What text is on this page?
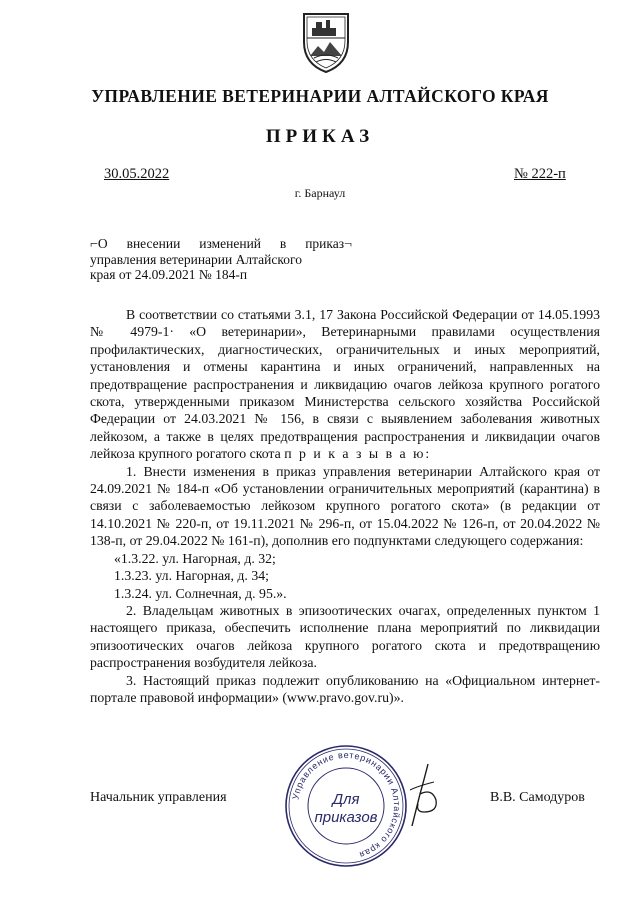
УПРАВЛЕНИЕ ВЕТЕРИНАРИИ АЛТАЙСКОГО КРАЯ
ПРИКАЗ
30.05.2022	№ 222-п
г. Барнаул
⌐О внесении изменений в приказ¬
управления ветеринарии Алтайского
края от 24.09.2021 № 184-п

В соответствии со статьями 3.1, 17 Закона Российской Федерации от 14.05.1993 № 4979-1· «О ветеринарии», Ветеринарными правилами осуществления профилактических, диагностических, ограничительных и иных мероприятий, установления и отмены карантина и иных ограничений, направленных на предотвращение распространения и ликвидацию очагов лейкоза крупного рогатого скота, утвержденными приказом Министерства сельского хозяйства Российской Федерации от 24.03.2021 № 156, в связи с выявлением заболевания животных лейкозом, а также в целях предотвращения распространения и ликвидации очагов лейкоза крупного рогатого скота п р и к а з ы в а ю:

1. Внести изменения в приказ управления ветеринарии Алтайского края от 24.09.2021 № 184-п «Об установлении ограничительных мероприятий (карантина) в связи с заболеваемостью лейкозом крупного рогатого скота» (в редакции от 14.10.2021 № 220-п, от 19.11.2021 № 296-п, от 15.04.2022 № 126-п, от 20.04.2022 № 138-п, от 29.04.2022 № 161-п), дополнив его подпунктами следующего содержания:

«1.3.22. ул. Нагорная, д. 32;

1.3.23. ул. Нагорная, д. 34;

1.3.24. ул. Солнечная, д. 95.».

2. Владельцам животных в эпизоотических очагах, определенных пунктом 1 настоящего приказа, обеспечить исполнение плана мероприятий по ликвидации эпизоотических очагов лейкоза крупного рогатого скота и предотвращению распространения возбудителя лейкоза.

3. Настоящий приказ подлежит опубликованию на «Официальном интернет-портале правовой информации» (www.pravo.gov.ru)».

Управление ветеринарии Алтайского края
Для
приказов
Начальник управления	В.В. Самодуров
